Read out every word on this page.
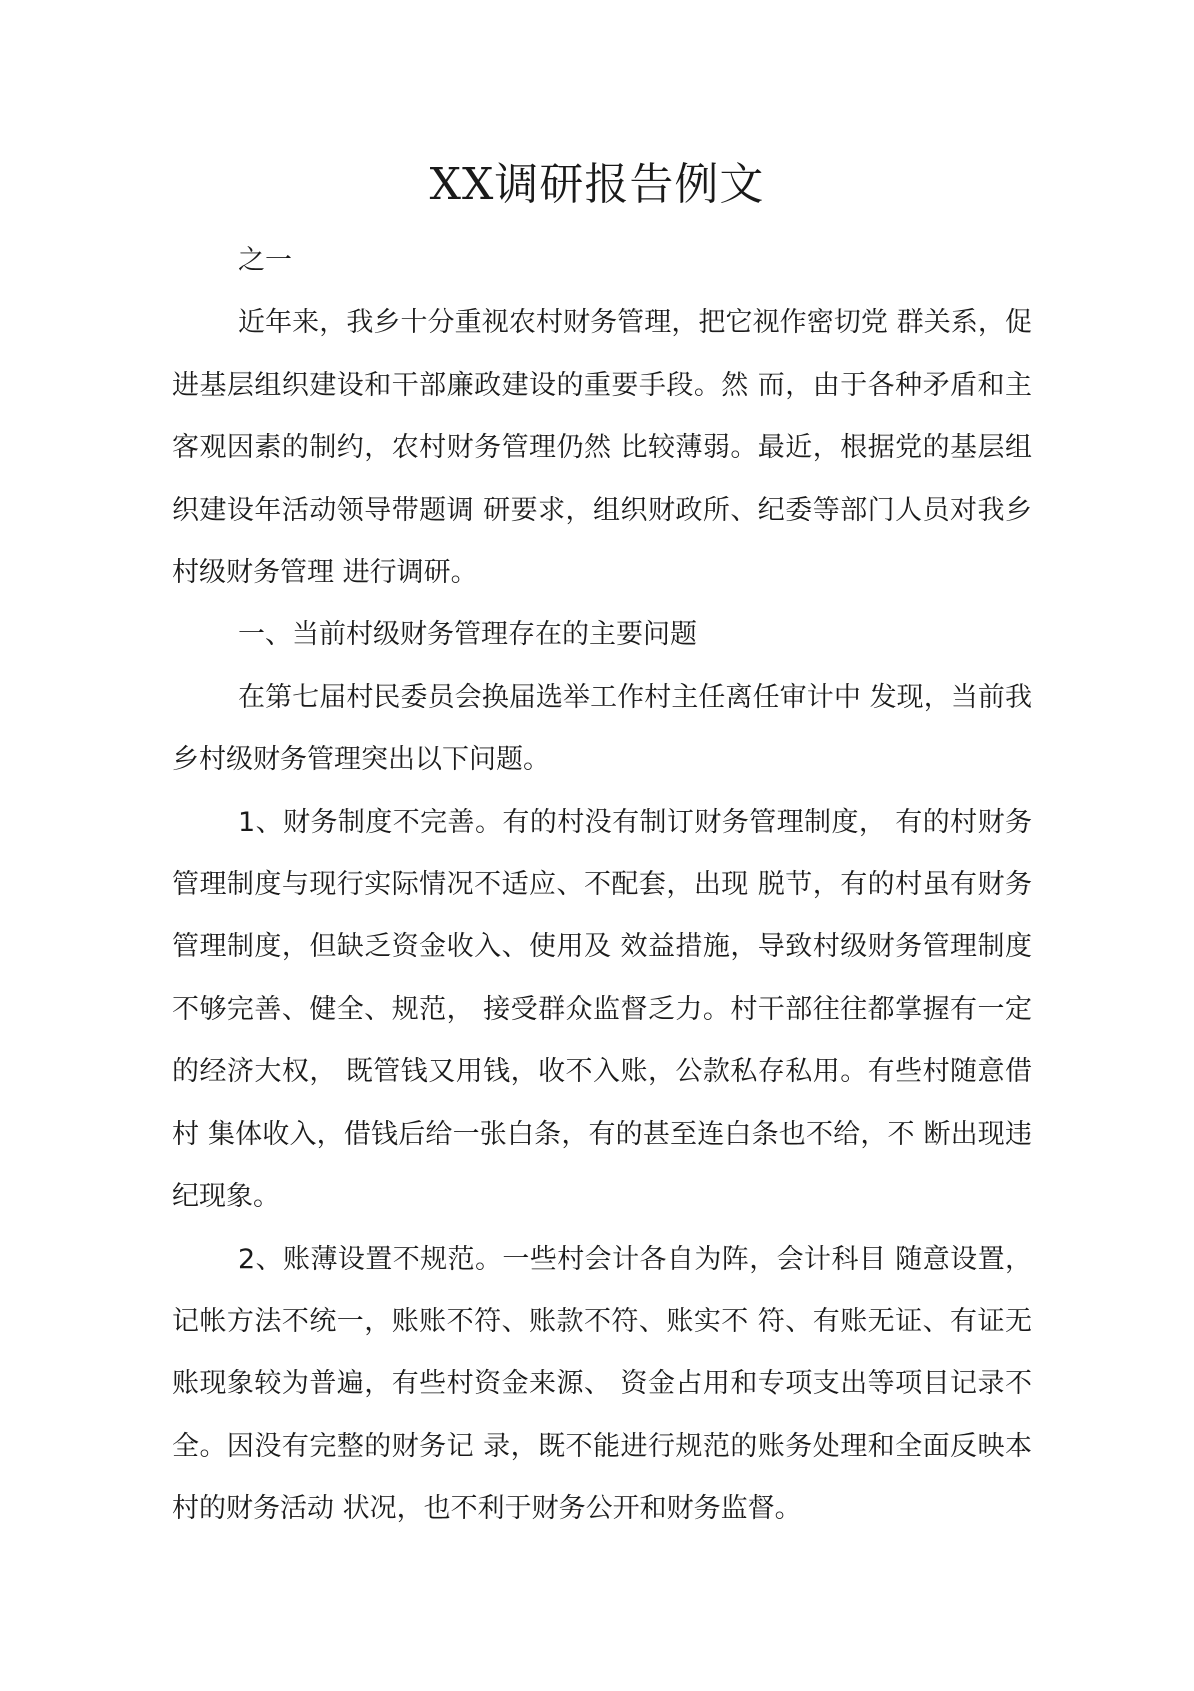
XX调研报告例文

之一

近年来，我乡十分重视农村财务管理，把它视作密切党 群关系，促进基层组织建设和干部廉政建设的重要手段。然 而，由于各种矛盾和主客观因素的制约，农村财务管理仍然 比较薄弱。最近，根据党的基层组织建设年活动领导带题调 研要求，组织财政所、纪委等部门人员对我乡村级财务管理 进行调研。

一、当前村级财务管理存在的主要问题

在第七届村民委员会换届选举工作村主任离任审计中 发现，当前我乡村级财务管理突出以下问题。

1、财务制度不完善。有的村没有制订财务管理制度， 有的村财务管理制度与现行实际情况不适应、不配套，出现 脱节，有的村虽有财务管理制度，但缺乏资金收入、使用及 效益措施，导致村级财务管理制度不够完善、健全、规范， 接受群众监督乏力。村干部往往都掌握有一定的经济大权， 既管钱又用钱，收不入账，公款私存私用。有些村随意借村 集体收入，借钱后给一张白条，有的甚至连白条也不给，不 断出现违纪现象。

2、账薄设置不规范。一些村会计各自为阵，会计科目 随意设置，记帐方法不统一，账账不符、账款不符、账实不 符、有账无证、有证无账现象较为普遍，有些村资金来源、 资金占用和专项支出等项目记录不全。因没有完整的财务记 录，既不能进行规范的账务处理和全面反映本村的财务活动 状况，也不利于财务公开和财务监督。
